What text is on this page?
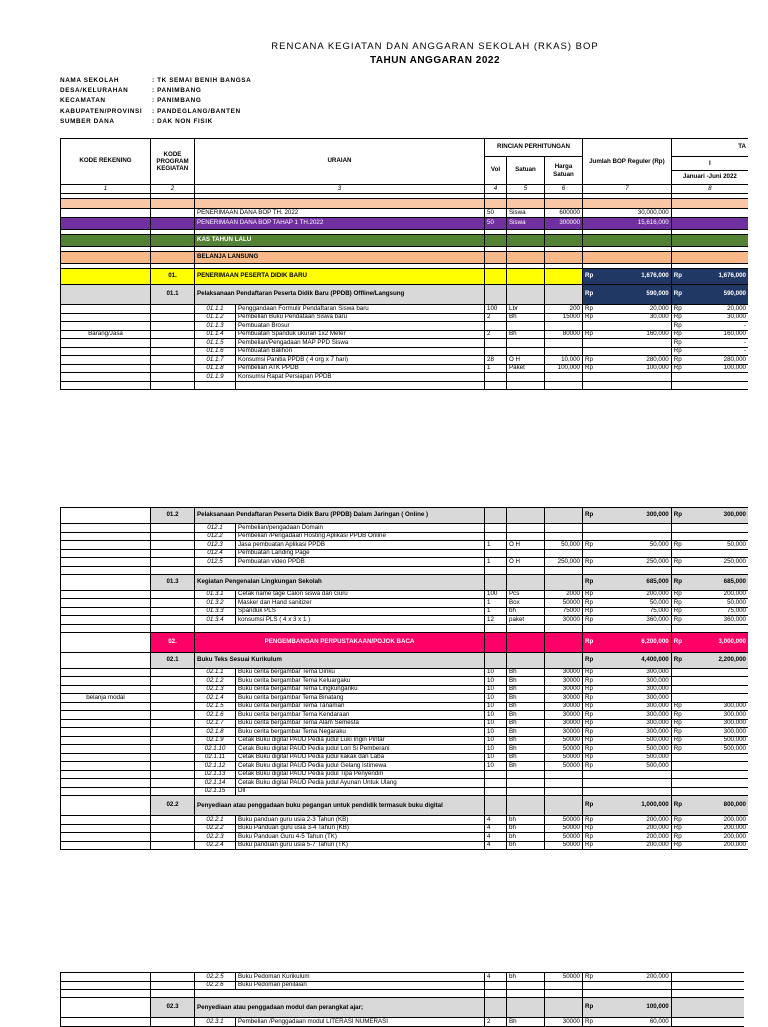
RENCANA KEGIATAN DAN ANGGARAN SEKOLAH (RKAS) BOP
TAHUN ANGGARAN 2022
NAMA SEKOLAH	: TK SEMAI BENIH BANGSA
DESA/KELURAHAN	: PANIMBANG
KECAMATAN	: PANIMBANG
KABUPATEN/PROVINSI	: PANDEGLANG/BANTEN
SUMBER DANA	: DAK NON FISIK
KODE REKENING	KODE PROGRAM KEGIATAN	URAIAN		RINCIAN PERHITUNGAN			Jumlah BOP Reguler (Rp)		TA	
				Vol	Satuan	Harga Satuan			I
Januari -Juni 2022	

1	2	3		4	5	6	7		8	

		PENERIMAAN DANA BOP TH. 2022		50	Siswa	600000	30,000,000			
		PENERIMAAN DANA BOP TAHAP 1 TH.2022		50	Siswa	300000	15,616,000			

		KAS TAHUN LALU								

		BELANJA LANSUNG								

	01.	PENERIMAAN PESERTA DIDIK BARU					Rp	1,676,000	Rp	1,676,000
	01.1	Pelaksanaan Pendaftaran Peserta Didik Baru (PPDB) Offline/Langsung					Rp	590,000	Rp	590,000
		01.1.1	Penggandaan Formulir Pendaftaran Siswa baru	100	Lbr	200	Rp	20,000	Rp	20,000
		01.1.2	Pembelian Buku Pendataan Siswa baru	2	Bh	15000	Rp	30,000	Rp	30,000
		01.1.3	Pembuatan Brosur						Rp	-
Barang/Jasa		01.1.4	Pembuatan Spanduk ukuran 1x2 Meter	2	Bh	80000	Rp	160,000	Rp	160,000
		01.1.5	Pembelian/Pengadaan MAP PPD Siswa						Rp	-
		01.1.6	Pembuatan Balihon						Rp	-
		01.1.7	Konsumsi Panitia PPDB ( 4 org x 7 hari)	28	O H	10,000	Rp	280,000	Rp	280,000
		01.1.8	Pembelian ATK PPDB	1	Paket	100,000	Rp	100,000	Rp	100,000
		01.1.9	Konsumsi Rapat Persiapan PPDB							

	01.2	Pelaksanaan Pendaftaran Peserta Didik Baru (PPDB) Dalam Jaringan ( Online )					Rp	300,000	Rp	300,000
		012.1	Pembelian/pengadaan Domain							
		012.2	Pembelian /Pengadaan Hosting Aplikasi PPDB Online							
		012.3	Jasa pembuatan Aplikasi PPDB	1	O H	50,000	Rp	50,000	Rp	50,000
		012.4	Pembuatan Landing Page							
		012.5	Pembuatan video PPDB	1	O H	250,000	Rp	250,000	Rp	250,000

	01.3	Kegiatan Pengenalan Lingkungan Sekolah					Rp	685,000	Rp	685,000
		01.3.1	Cetak name tage Calon siswa dan Guru	100	Pcs	2000	Rp	200,000	Rp	200,000
		01.3.2	Masker dan Hand sanitizer	1	Box	50000	Rp	50,000	Rp	50,000
		01.3.3	Spanduk PLS	1	bh	75000	Rp	75,000	Rp	75,000
		01.3.4	konsumsi PLS ( 4 x 3 x 1 )	12	paket	30000	Rp	360,000	Rp	360,000

	02.	PENGEMBANGAN PERPUSTAKAAN/POJOK BACA					Rp	6,200,000	Rp	3,000,000
	02.1	Buku Teks Sesuai Kurikulum					Rp	4,400,000	Rp	2,200,000
		02.1.1	Buku cerita bergambar Tema Diriku	10	Bh	30000	Rp	300,000		
		02.1.2	Buku cerita bergambar Tema Keluargaku	10	Bh	30000	Rp	300,000		
		02.1.3	Buku cerita bergambar Tema Lingkunganku	10	Bh	30000	Rp	300,000		
belanja modal		02.1.4	Buku cerita bergambar Tema Binatang	10	Bh	30000	Rp	300,000		
		02.1.5	Buku cerita bergambar Tema Tanaman	10	Bh	30000	Rp	300,000	Rp	300,000
		02.1.6	Buku cerita bergambar Tema Kendaraan	10	Bh	30000	Rp	300,000	Rp	300,000
		02.1.7	Buku cerita bergambar Tema Alam Semesta	10	Bh	30000	Rp	300,000	Rp	300,000
		02.1.8	Buku cerita bergambar Tema Negaraku	10	Bh	30000	Rp	300,000	Rp	300,000
		02.1.9	Cetak Buku digital PAUD Pedia judul Luki Ingin Pintar	10	Bh	50000	Rp	500,000	Rp	500,000
		02.1.10	Cetak Buku digital PAUD Pedia judul Lori Si Pemberani	10	Bh	50000	Rp	500,000	Rp	500,000
		02.1.11	Cetak Buku digital PAUD Pedia judul kakak dan Laba	10	Bh	50000	Rp	500,000		
		02.1.12	Cetak Buku digital PAUD Pedia judul Gelang Istimewa	10	Bh	50000	Rp	500,000		
		02.1.13	Cetak Buku digital PAUD Pedia judul Tipa Penyendiri							
		02.1.14	Cetak Buku digital PAUD Pedia judul Ayunan Untuk Ulang							
		02.1.15	Dll							
	02.2	Penyediaan atau penggadaan buku pegangan untuk pendidik termasuk buku digital					Rp	1,000,000	Rp	800,000
		02.2.1	Buku panduan guru usia 2-3 Tahun (KB)	4	bh	50000	Rp	200,000	Rp	200,000
		02.2.2	Buku Panduan guru usia 3-4 Tahun (KB)	4	bh	50000	Rp	200,000	Rp	200,000
		02.2.3	Buku Panduan Guru 4-5 Tahun (TK)	4	bh	50000	Rp	200,000	Rp	200,000
		02.2.4	Buku panduan guru usia 5-7 Tahun (TK)	4	bh	50000	Rp	200,000	Rp	200,000
		02.2.5	Buku Pedoman Kurikulum	4	bh	50000	Rp	200,000		
		02.2.6	Buku Pedoman penilaian							

	02.3	Penyediaan atau penggadaan modul dan perangkat ajar;					Rp	100,000		
		02.3.1	Pembelian /Penggadaan modul LITERASI NUMERASI	2	Bh	30000	Rp	60,000		
